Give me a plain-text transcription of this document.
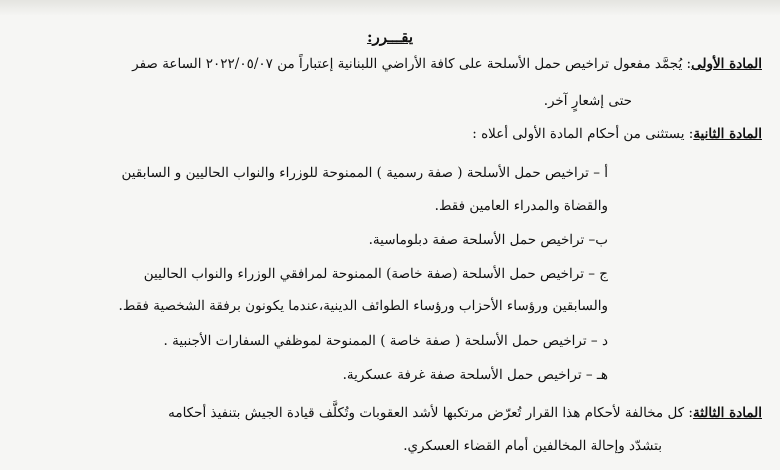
يقـــرر:
المادة الأولى: يُجمَّد مفعول تراخيص حمل الأسلحة على كافة الأراضي اللبنانية إعتباراً من ٢٠٢٢/٠٥/٠٧ الساعة صفر
حتى إشعارٍ آخر.
المادة الثانية: يستثنى من أحكام المادة الأولى أعلاه :
أ – تراخيص حمل الأسلحة ( صفة رسمية ) الممنوحة للوزراء والنواب الحاليين و السابقين
والقضاة والمدراء العامين فقط.
ب– تراخيص حمل الأسلحة صفة دبلوماسية.
ج – تراخيص حمل الأسلحة (صفة خاصة) الممنوحة لمرافقي الوزراء والنواب الحاليين
والسابقين ورؤساء الأحزاب ورؤساء الطوائف الدينية،عندما يكونون برفقة الشخصية فقط.
د – تراخيص حمل الأسلحة ( صفة خاصة ) الممنوحة لموظفي السفارات الأجنبية .
هـ – تراخيص حمل الأسلحة صفة غرفة عسكرية.
المادة الثالثة: كل مخالفة لأحكام هذا القرار تُعرّض مرتكبها لأشد العقوبات وتُكلَّف قيادة الجيش بتنفيذ أحكامه
بتشدّد وإحالة المخالفين أمام القضاء العسكري.
